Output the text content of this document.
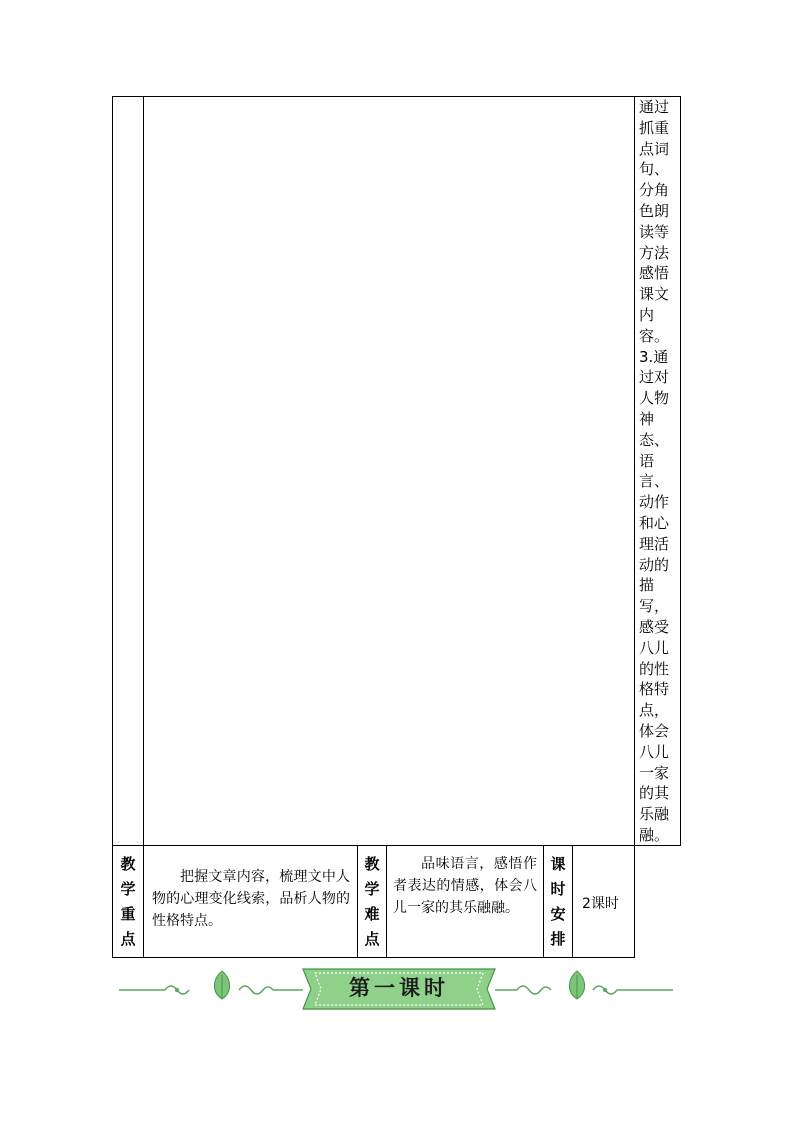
通过抓重点词句、分角色朗读等方法感悟课文内容。3.通过对人物神态、语言、动作和心理活动的描写，感受八儿的性格特点，体会八儿一家的其乐融融。
教
学
重
点
把握文章内容，梳理文中人物的心理变化线索，品析人物的性格特点。
教
学
难
点
品味语言，感悟作者表达的情感，体会八儿一家的其乐融融。
课
时
安
排
2课时
第一课时
